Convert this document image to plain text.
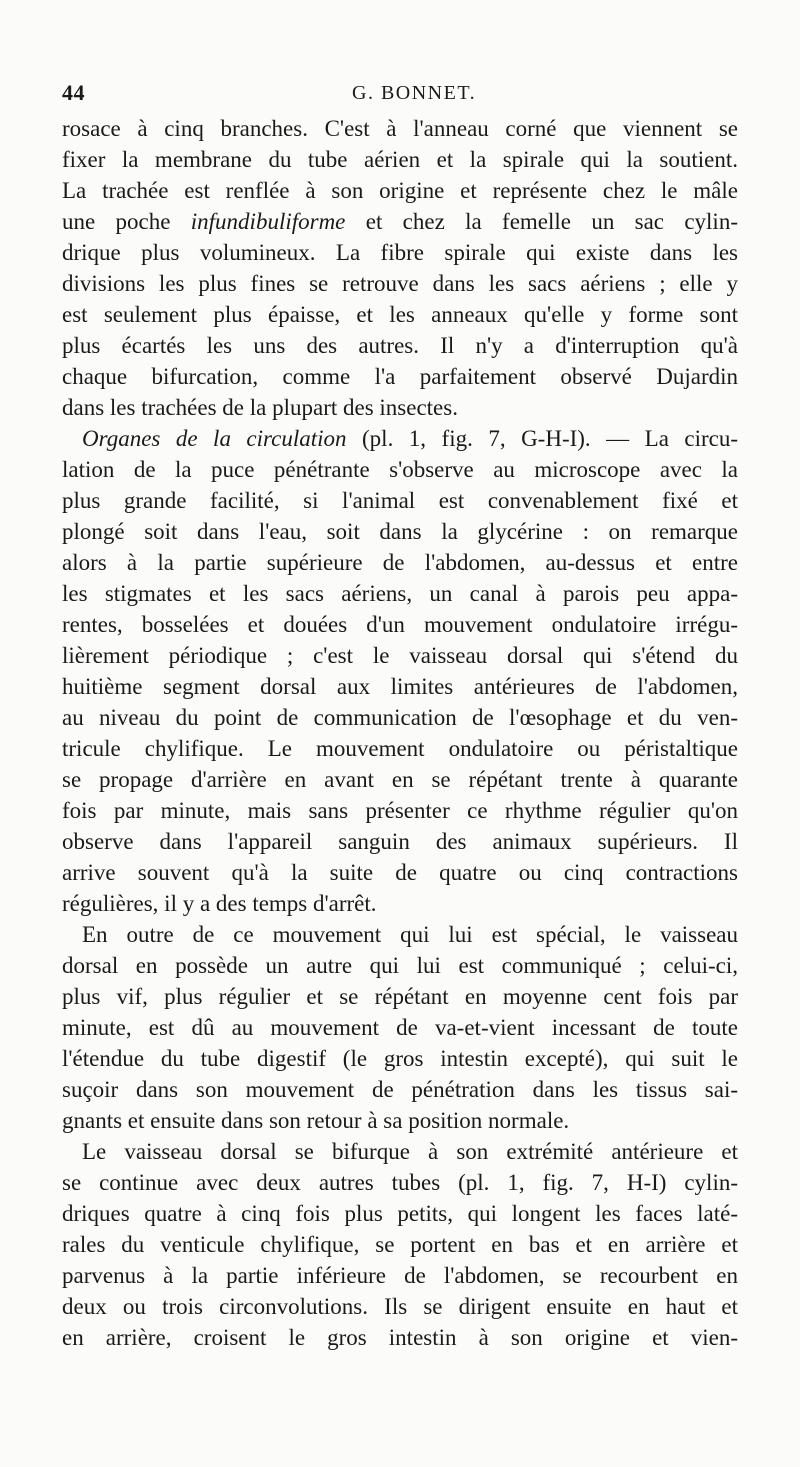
44	G. BONNET.
rosace à cinq branches. C'est à l'anneau corné que viennent se
fixer la membrane du tube aérien et la spirale qui la soutient.
La trachée est renflée à son origine et représente chez le mâle
une poche infundibuliforme et chez la femelle un sac cylin-
drique plus volumineux. La fibre spirale qui existe dans les
divisions les plus fines se retrouve dans les sacs aériens ; elle y
est seulement plus épaisse, et les anneaux qu'elle y forme sont
plus écartés les uns des autres. Il n'y a d'interruption qu'à
chaque bifurcation, comme l'a parfaitement observé Dujardin
dans les trachées de la plupart des insectes.
Organes de la circulation (pl. 1, fig. 7, G-H-I). — La circu-
lation de la puce pénétrante s'observe au microscope avec la
plus grande facilité, si l'animal est convenablement fixé et
plongé soit dans l'eau, soit dans la glycérine : on remarque
alors à la partie supérieure de l'abdomen, au-dessus et entre
les stigmates et les sacs aériens, un canal à parois peu appa-
rentes, bosselées et douées d'un mouvement ondulatoire irrégu-
lièrement périodique ; c'est le vaisseau dorsal qui s'étend du
huitième segment dorsal aux limites antérieures de l'abdomen,
au niveau du point de communication de l'œsophage et du ven-
tricule chylifique. Le mouvement ondulatoire ou péristaltique
se propage d'arrière en avant en se répétant trente à quarante
fois par minute, mais sans présenter ce rhythme régulier qu'on
observe dans l'appareil sanguin des animaux supérieurs. Il
arrive souvent qu'à la suite de quatre ou cinq contractions
régulières, il y a des temps d'arrêt.
En outre de ce mouvement qui lui est spécial, le vaisseau
dorsal en possède un autre qui lui est communiqué ; celui-ci,
plus vif, plus régulier et se répétant en moyenne cent fois par
minute, est dû au mouvement de va-et-vient incessant de toute
l'étendue du tube digestif (le gros intestin excepté), qui suit le
suçoir dans son mouvement de pénétration dans les tissus sai-
gnants et ensuite dans son retour à sa position normale.
Le vaisseau dorsal se bifurque à son extrémité antérieure et
se continue avec deux autres tubes (pl. 1, fig. 7, H-I) cylin-
driques quatre à cinq fois plus petits, qui longent les faces laté-
rales du venticule chylifique, se portent en bas et en arrière et
parvenus à la partie inférieure de l'abdomen, se recourbent en
deux ou trois circonvolutions. Ils se dirigent ensuite en haut et
en arrière, croisent le gros intestin à son origine et vien-
